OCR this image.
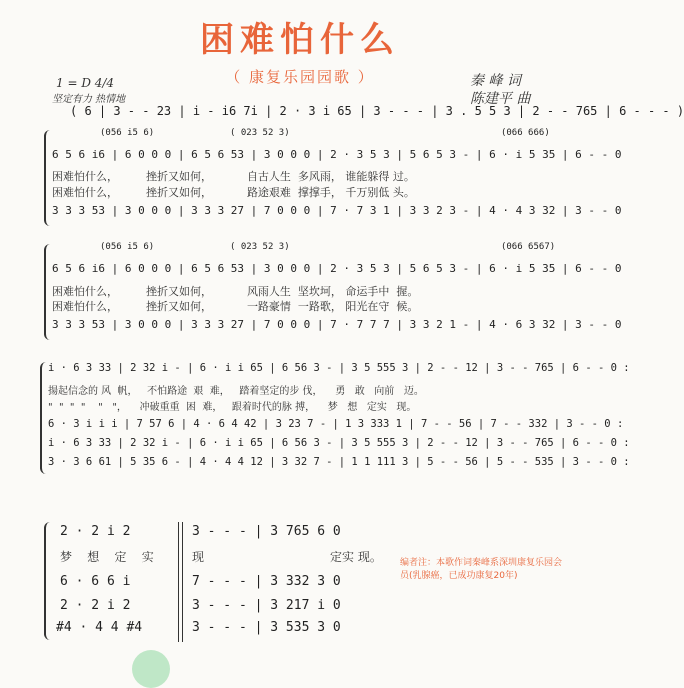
困难怕什么
（ 康复乐园园歌 ）	秦 峰 词
陈建平 曲
1 = D 4/4
坚定有力 热情地
( 6 | 3 - - 23 | i - i6 7i | 2 · 3 i 65 | 3 - - - | 3 . 5 5 3 | 2 - - 765 | 6 - - - )
(056 i5 6)              ( 023 52 3)                                       (066 666)
6 5 6 i6 | 6 0 0 0 | 6 5 6 53 | 3 0 0 0 | 2 · 3 5 3 | 5 6 5 3 - | 6 · i 5 35 | 6 - - 0
困难怕什么，        挫折又如何，          自古人生  多风雨， 谁能躲得 过。
困难怕什么，        挫折又如何，          路途艰难  撑撑手， 千万别低 头。
3 3 3 53 | 3 0 0 0 | 3 3 3 27 | 7 0 0 0 | 7 · 7 3 1 | 3 3 2 3 - | 4 · 4 3 32 | 3 - - 0
(056 i5 6)              ( 023 52 3)                                       (066 6567)
6 5 6 i6 | 6 0 0 0 | 6 5 6 53 | 3 0 0 0 | 2 · 3 5 3 | 5 6 5 3 - | 6 · i 5 35 | 6 - - 0
困难怕什么，        挫折又如何，          风雨人生  坚坎坷， 命运手中  握。
困难怕什么，        挫折又如何，          一路豪情  一路歌， 阳光在守  候。
3 3 3 53 | 3 0 0 0 | 3 3 3 27 | 7 0 0 0 | 7 · 7 7 7 | 3 3 2 1 - | 4 · 6 3 32 | 3 - - 0
i · 6 3 33 | 2 32 i - | 6 · i i 65 | 6 56 3 - | 3 5 555 3 | 2 - - 12 | 3 - - 765 | 6 - - 0 :
揚起信念的 风  帆，   不怕路途  艰  难，   踏着坚定的步 伐，    勇   敢   向前   迈。
"  "  "  "    "   "，    冲破重重  困  难，   跟着时代的脉 搏，    梦   想   定实   现。
6 · 3 i i i | 7 57 6 | 4 · 6 4 42 | 3 23 7 - | 1 3 333 1 | 7 - - 56 | 7 - - 332 | 3 - - 0 :
i · 6 3 33 | 2 32 i - | 6 · i i 65 | 6 56 3 - | 3 5 555 3 | 2 - - 12 | 3 - - 765 | 6 - - 0 :
3 · 3 6 61 | 5 35 6 - | 4 · 4 4 12 | 3 32 7 - | 1 1 111 3 | 5 - - 56 | 5 - - 535 | 3 - - 0 :
2 · 2 i 2	3 - - - | 3 765 6 0
梦    想    定    实	现	定实 现。
6 · 6 6 i	7 - - - | 3 332 3 0
2 · 2 i 2	3 - - - | 3 217 i 0
#4 · 4 4 #4	3 - - - | 3 535 3 0
编者注：本歌作词秦峰系深圳康复乐园会员(乳腺癌，已成功康复20年)
